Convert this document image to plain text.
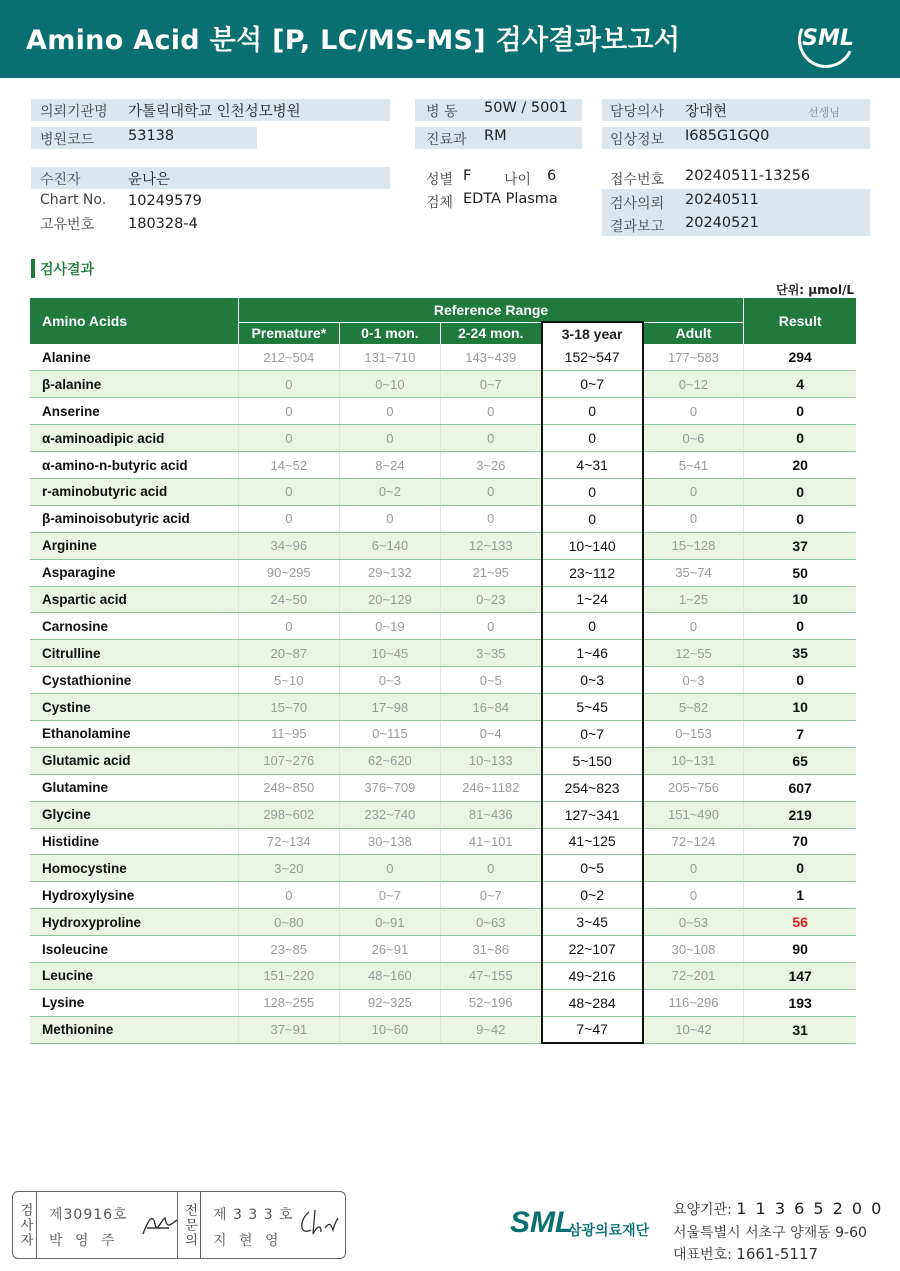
Amino Acid 분석 [P, LC/MS-MS] 검사결과보고서	SML
의뢰기관명 가톨릭대학교 인천성모병원
병원코드 53138
병 동 50W / 5001
진료과 RM
담당의사 장대현	선생님
임상정보 I685G1GQ0
수진자	윤나은
Chart No. 10249579
고유번호 180328-4
성별 F 나이 6
검체 EDTA Plasma
접수번호 20240511-13256
검사의뢰 20240511
결과보고 20240521
검사결과
단위: μmol/L
Amino Acids	Reference Range					Result
	Premature*	0-1 mon.	2-24 mon.	3-18 year	Adult	
Alanine	212~504	131~710	143~439	152~547	177~583	294
β-alanine	0	0~10	0~7	0~7	0~12	4
Anserine	0	0	0	0	0	0
α-aminoadipic acid	0	0	0	0	0~6	0
α-amino-n-butyric acid	14~52	8~24	3~26	4~31	5~41	20
r-aminobutyric acid	0	0~2	0	0	0	0
β-aminoisobutyric acid	0	0	0	0	0	0
Arginine	34~96	6~140	12~133	10~140	15~128	37
Asparagine	90~295	29~132	21~95	23~112	35~74	50
Aspartic acid	24~50	20~129	0~23	1~24	1~25	10
Carnosine	0	0~19	0	0	0	0
Citrulline	20~87	10~45	3~35	1~46	12~55	35
Cystathionine	5~10	0~3	0~5	0~3	0~3	0
Cystine	15~70	17~98	16~84	5~45	5~82	10
Ethanolamine	11~95	0~115	0~4	0~7	0~153	7
Glutamic acid	107~276	62~620	10~133	5~150	10~131	65
Glutamine	248~850	376~709	246~1182	254~823	205~756	607
Glycine	298~602	232~740	81~436	127~341	151~490	219
Histidine	72~134	30~138	41~101	41~125	72~124	70
Homocystine	3~20	0	0	0~5	0	0
Hydroxylysine	0	0~7	0~7	0~2	0	1
Hydroxyproline	0~80	0~91	0~63	3~45	0~53	56
Isoleucine	23~85	26~91	31~86	22~107	30~108	90
Leucine	151~220	48~160	47~155	49~216	72~201	147
Lysine	128~255	92~325	52~196	48~284	116~296	193
Methionine	37~91	10~60	9~42	7~47	10~42	31
검사자 제30916호
박 영 주	전문의 제 3 3 3 호
지 현 영
SML
삼광의료재단
요양기관: 1 1 3 6 5 2 0 0
서울특별시 서초구 양재동 9-60
대표번호: 1661-5117
